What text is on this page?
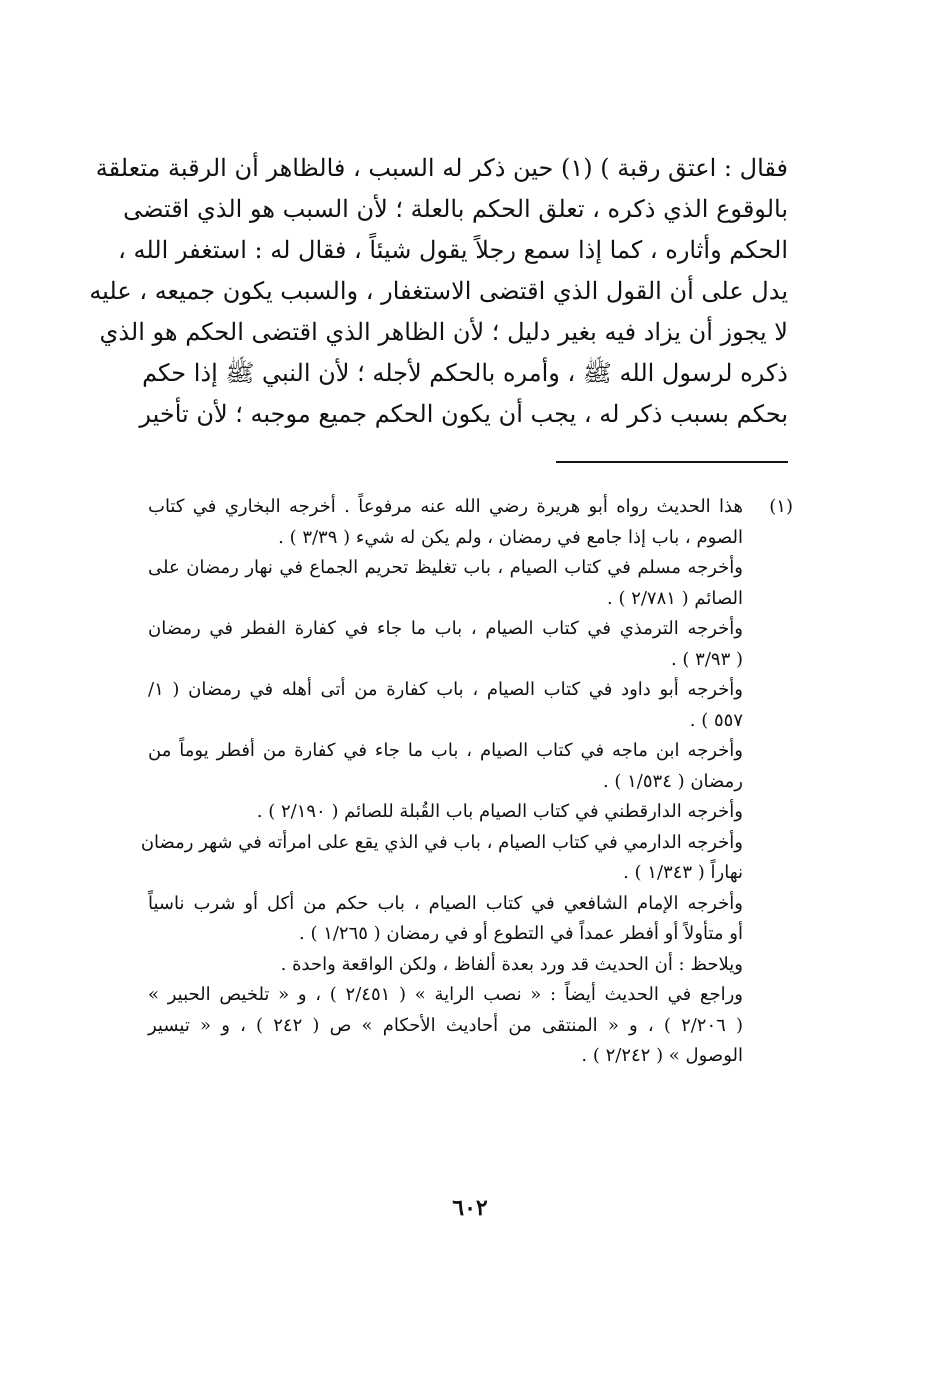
فقال : اعتق رقبة ) (١) حين ذكر له السبب ، فالظاهر أن الرقبة متعلقة
بالوقوع الذي ذكره ، تعلق الحكم بالعلة ؛ لأن السبب هو الذي اقتضى
الحكم وأثاره ، كما إذا سمع رجلاً يقول شيئاً ، فقال له : استغفر الله ،
يدل على أن القول الذي اقتضى الاستغفار ، والسبب يكون جميعه ، عليه
لا يجوز أن يزاد فيه بغير دليل ؛ لأن الظاهر الذي اقتضى الحكم هو الذي
ذكره لرسول الله ﷺ ، وأمره بالحكم لأجله ؛ لأن النبي ﷺ إذا حكم
بحكم بسبب ذكر له ، يجب أن يكون الحكم جميع موجبه ؛ لأن تأخير
(١)
هذا الحديث رواه أبو هريرة رضي الله عنه مرفوعاً . أخرجه البخاري في كتاب
الصوم ، باب إذا جامع في رمضان ، ولم يكن له شيء ( ٣/٣٩ ) .
وأخرجه مسلم في كتاب الصيام ، باب تغليظ تحريم الجماع في نهار رمضان على
الصائم ( ٢/٧٨١ ) .
وأخرجه الترمذي في كتاب الصيام ، باب ما جاء في كفارة الفطر في رمضان
( ٣/٩٣ ) .
وأخرجه أبو داود في كتاب الصيام ، باب كفارة من أتى أهله في رمضان ( ١/
٥٥٧ ) .
وأخرجه ابن ماجه في كتاب الصيام ، باب ما جاء في كفارة من أفطر يوماً من
رمضان ( ١/٥٣٤ ) .
وأخرجه الدارقطني في كتاب الصيام باب القُبلة للصائم ( ٢/١٩٠ ) .
وأخرجه الدارمي في كتاب الصيام ، باب في الذي يقع على امرأته في شهر رمضان
نهاراً ( ١/٣٤٣ ) .
وأخرجه الإمام الشافعي في كتاب الصيام ، باب حكم من أكل أو شرب ناسياً
أو متأولاً أو أفطر عمداً في التطوع أو في رمضان ( ١/٢٦٥ ) .
ويلاحظ : أن الحديث قد ورد بعدة ألفاظ ، ولكن الواقعة واحدة .
وراجع في الحديث أيضاً : « نصب الراية » ( ٢/٤٥١ ) ، و « تلخيص الحبير »
( ٢/٢٠٦ ) ، و « المنتقى من أحاديث الأحكام » ص ( ٢٤٢ ) ، و « تيسير
الوصول » ( ٢/٢٤٢ ) .
٦٠٢
